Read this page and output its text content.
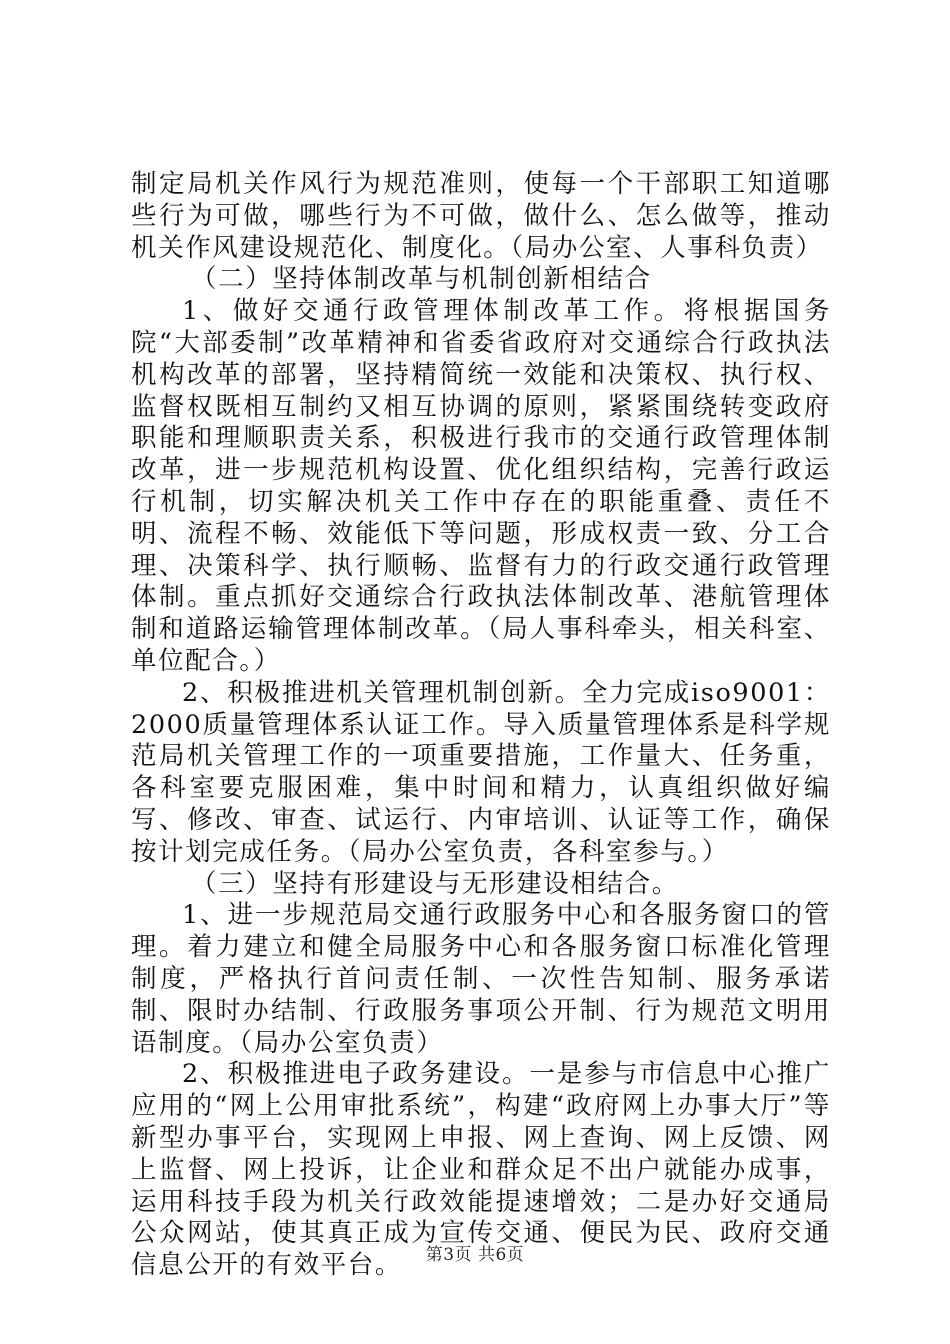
制定局机关作风行为规范准则，使每一个干部职工知道哪些行为可做，哪些行为不可做，做什么、怎么做等，推动机关作风建设规范化、制度化。（局办公室、人事科负责）

（二）坚持体制改革与机制创新相结合

1、做好交通行政管理体制改革工作。将根据国务院“大部委制”改革精神和省委省政府对交通综合行政执法机构改革的部署，坚持精简统一效能和决策权、执行权、监督权既相互制约又相互协调的原则，紧紧围绕转变政府职能和理顺职责关系，积极进行我市的交通行政管理体制改革，进一步规范机构设置、优化组织结构，完善行政运行机制，切实解决机关工作中存在的职能重叠、责任不明、流程不畅、效能低下等问题，形成权责一致、分工合理、决策科学、执行顺畅、监督有力的行政交通行政管理体制。重点抓好交通综合行政执法体制改革、港航管理体制和道路运输管理体制改革。（局人事科牵头，相关科室、单位配合。）

2、积极推进机关管理机制创新。全力完成iso9001：2000质量管理体系认证工作。导入质量管理体系是科学规范局机关管理工作的一项重要措施，工作量大、任务重，各科室要克服困难，集中时间和精力，认真组织做好编写、修改、审查、试运行、内审培训、认证等工作，确保按计划完成任务。（局办公室负责，各科室参与。）

（三）坚持有形建设与无形建设相结合。

1、进一步规范局交通行政服务中心和各服务窗口的管理。着力建立和健全局服务中心和各服务窗口标准化管理制度，严格执行首问责任制、一次性告知制、服务承诺制、限时办结制、行政服务事项公开制、行为规范文明用语制度。（局办公室负责）

2、积极推进电子政务建设。一是参与市信息中心推广应用的“网上公用审批系统”，构建“政府网上办事大厅”等新型办事平台，实现网上申报、网上查询、网上反馈、网上监督、网上投诉，让企业和群众足不出户就能办成事，运用科技手段为机关行政效能提速增效；二是办好交通局公众网站，使其真正成为宣传交通、便民为民、政府交通信息公开的有效平台。	第3页 共6页
